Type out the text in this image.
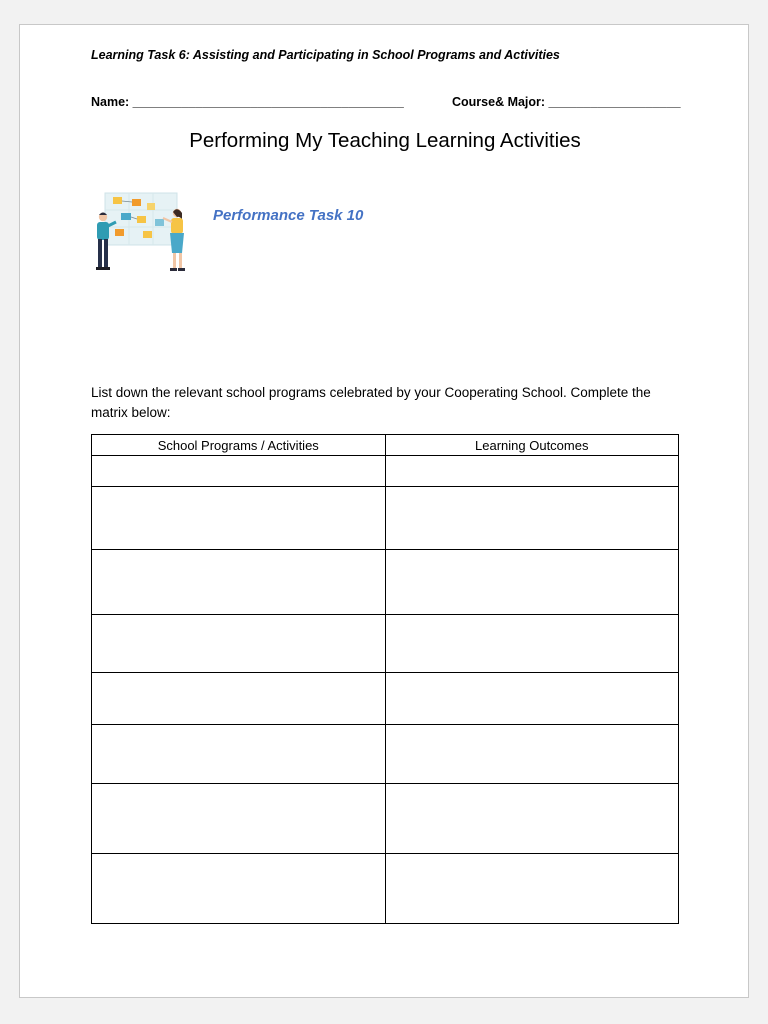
Learning Task 6: Assisting and Participating in School Programs and Activities
Name: _______________________________________	Course& Major: ___________________
Performing My Teaching Learning Activities
Performance Task 10
List down the relevant school programs celebrated by your Cooperating School. Complete the matrix below:
School Programs / Activities	Learning Outcomes
